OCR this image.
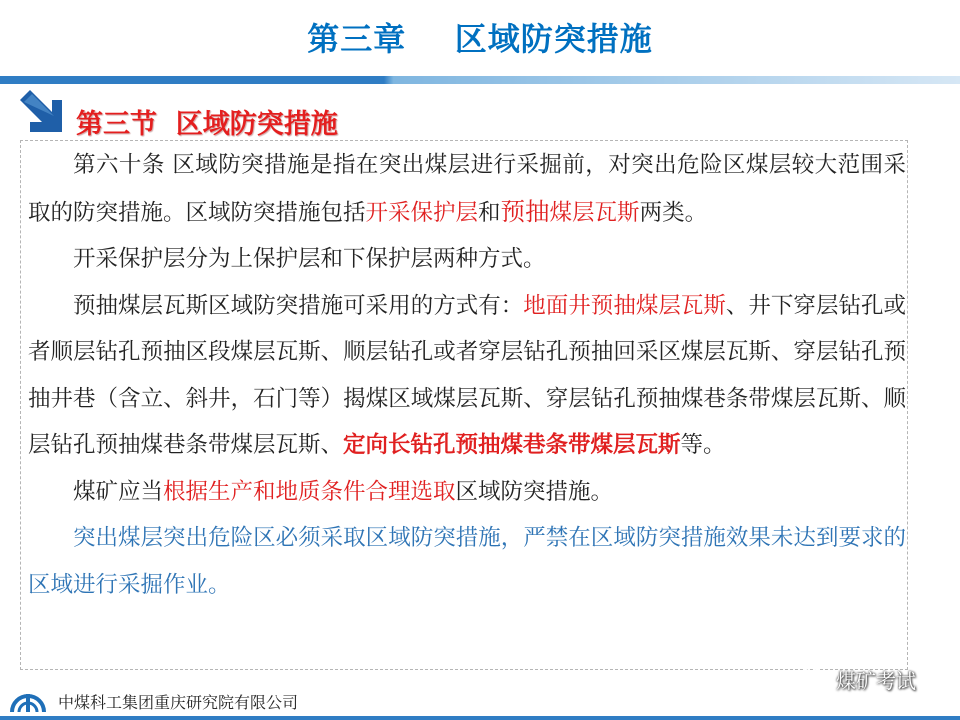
第三章    区域防突措施
第三节  区域防突措施

第六十条 区域防突措施是指在突出煤层进行采掘前，对突出危险区煤层较大范围采取的防突措施。区域防突措施包括开采保护层和预抽煤层瓦斯两类。

开采保护层分为上保护层和下保护层两种方式。

预抽煤层瓦斯区域防突措施可采用的方式有：地面井预抽煤层瓦斯、井下穿层钻孔或者顺层钻孔预抽区段煤层瓦斯、顺层钻孔或者穿层钻孔预抽回采区煤层瓦斯、穿层钻孔预抽井巷（含立、斜井，石门等）揭煤区域煤层瓦斯、穿层钻孔预抽煤巷条带煤层瓦斯、顺层钻孔预抽煤巷条带煤层瓦斯、定向长钻孔预抽煤巷条带煤层瓦斯等。

煤矿应当根据生产和地质条件合理选取区域防突措施。

突出煤层突出危险区必须采取区域防突措施，严禁在区域防突措施效果未达到要求的区域进行采掘作业。

中煤科工集团重庆研究院有限公司
煤矿考试
